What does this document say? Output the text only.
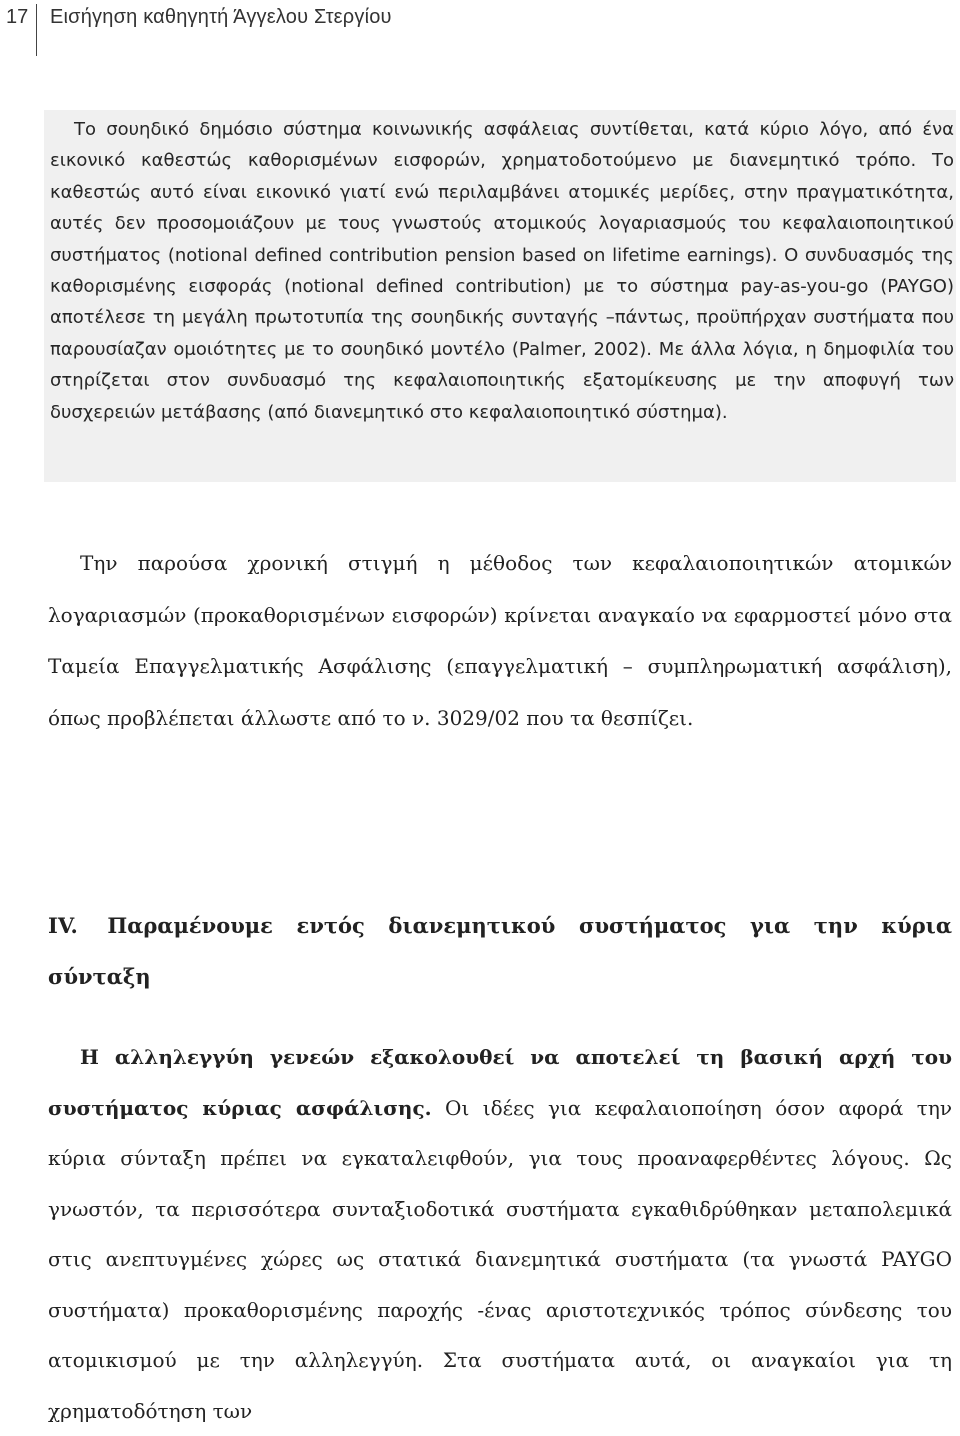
17 Εισήγηση καθηγητή Άγγελου Στεργίου

Το σουηδικό δημόσιο σύστημα κοινωνικής ασφάλειας συντίθεται, κατά κύριο λόγο, από ένα εικονικό καθεστώς καθορισμένων εισφορών, χρηματοδοτούμενο με διανεμητικό τρόπο. Το καθεστώς αυτό είναι εικονικό γιατί ενώ περιλαμβάνει ατομικές μερίδες, στην πραγματικότητα, αυτές δεν προσομοιάζουν με τους γνωστούς ατομικούς λογαριασμούς του κεφαλαιοποιητικού συστήματος (notional defined contribution pension based on lifetime earnings). Ο συνδυασμός της καθορισμένης εισφοράς (notional defined contribution) με το σύστημα pay-as-you-go (PAYGO) αποτέλεσε τη μεγάλη πρωτοτυπία της σουηδικής συνταγής –πάντως, προϋπήρχαν συστήματα που παρουσίαζαν ομοιότητες με το σουηδικό μοντέλο (Palmer, 2002). Με άλλα λόγια, η δημοφιλία του στηρίζεται στον συνδυασμό της κεφαλαιοποιητικής εξατομίκευσης με την αποφυγή των δυσχερειών μετάβασης (από διανεμητικό στο κεφαλαιοποιητικό σύστημα).

Την παρούσα χρονική στιγμή η μέθοδος των κεφαλαιοποιητικών ατομικών λογαριασμών (προκαθορισμένων εισφορών) κρίνεται αναγκαίο να εφαρμοστεί μόνο στα Ταμεία Επαγγελματικής Ασφάλισης (επαγγελματική – συμπληρωματική ασφάλιση), όπως προβλέπεται άλλωστε από το ν. 3029/02 που τα θεσπίζει.

IV. Παραμένουμε εντός διανεμητικού συστήματος για την κύρια σύνταξη

Η αλληλεγγύη γενεών εξακολουθεί να αποτελεί τη βασική αρχή του συστήματος κύριας ασφάλισης. Οι ιδέες για κεφαλαιοποίηση όσον αφορά την κύρια σύνταξη πρέπει να εγκαταλειφθούν, για τους προαναφερθέντες λόγους. Ως γνωστόν, τα περισσότερα συνταξιοδοτικά συστήματα εγκαθιδρύθηκαν μεταπολεμικά στις ανεπτυγμένες χώρες ως στατικά διανεμητικά συστήματα (τα γνωστά PAYGO συστήματα) προκαθορισμένης παροχής -ένας αριστοτεχνικός τρόπος σύνδεσης του ατομικισμού με την αλληλεγγύη. Στα συστήματα αυτά, οι αναγκαίοι για τη χρηματοδότηση των
